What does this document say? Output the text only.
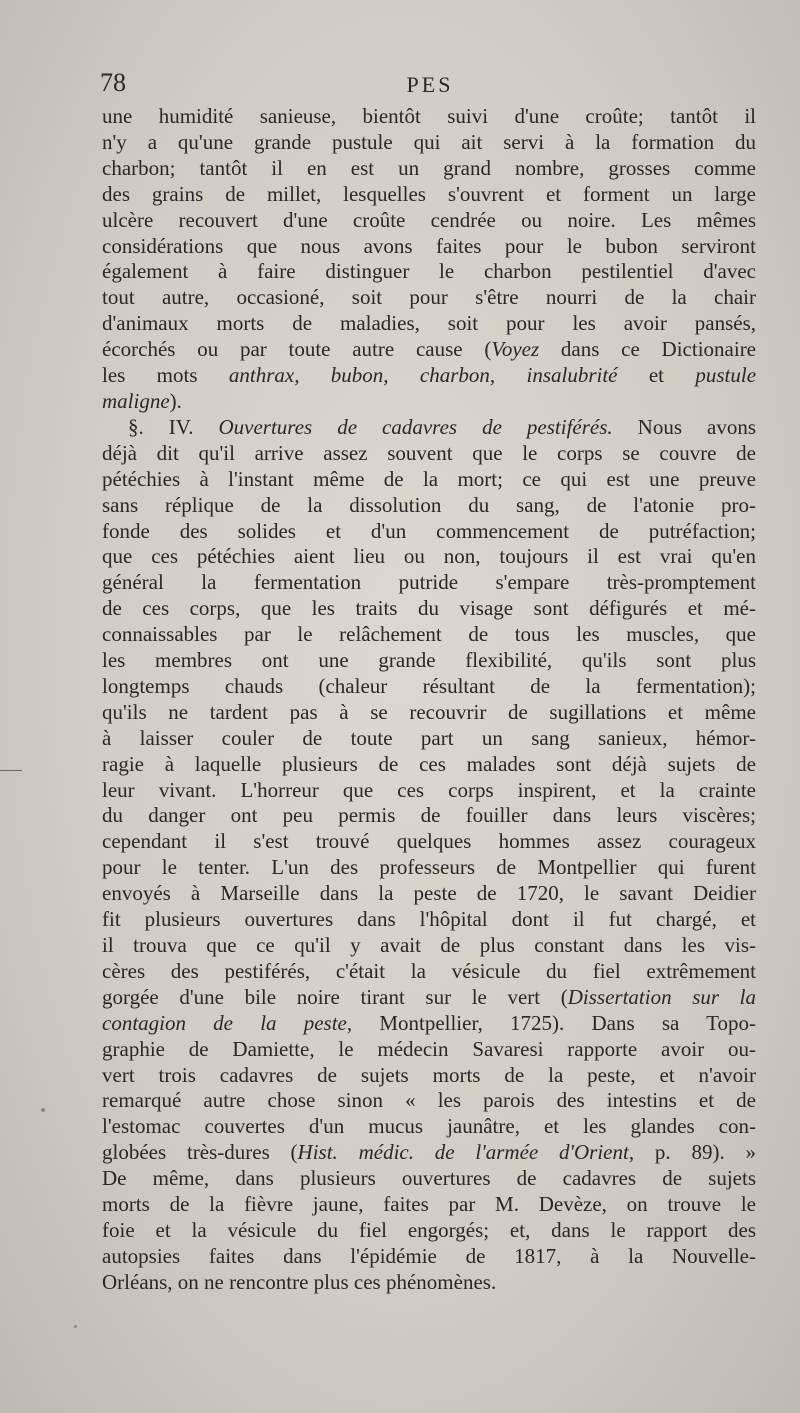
78	PES
une humidité sanieuse, bientôt suivi d'une croûte; tantôt il
n'y a qu'une grande pustule qui ait servi à la formation du
charbon; tantôt il en est un grand nombre, grosses comme
des grains de millet, lesquelles s'ouvrent et forment un large
ulcère recouvert d'une croûte cendrée ou noire. Les mêmes
considérations que nous avons faites pour le bubon serviront
également à faire distinguer le charbon pestilentiel d'avec
tout autre, occasioné, soit pour s'être nourri de la chair
d'animaux morts de maladies, soit pour les avoir pansés,
écorchés ou par toute autre cause (Voyez dans ce Dictionaire
les mots anthrax, bubon, charbon, insalubrité et pustule
maligne).
§. IV. Ouvertures de cadavres de pestiférés. Nous avons
déjà dit qu'il arrive assez souvent que le corps se couvre de
pétéchies à l'instant même de la mort; ce qui est une preuve
sans réplique de la dissolution du sang, de l'atonie pro-
fonde des solides et d'un commencement de putréfaction;
que ces pétéchies aient lieu ou non, toujours il est vrai qu'en
général la fermentation putride s'empare très-promptement
de ces corps, que les traits du visage sont défigurés et mé-
connaissables par le relâchement de tous les muscles, que
les membres ont une grande flexibilité, qu'ils sont plus
longtemps chauds (chaleur résultant de la fermentation);
qu'ils ne tardent pas à se recouvrir de sugillations et même
à laisser couler de toute part un sang sanieux, hémor-
ragie à laquelle plusieurs de ces malades sont déjà sujets de
leur vivant. L'horreur que ces corps inspirent, et la crainte
du danger ont peu permis de fouiller dans leurs viscères;
cependant il s'est trouvé quelques hommes assez courageux
pour le tenter. L'un des professeurs de Montpellier qui furent
envoyés à Marseille dans la peste de 1720, le savant Deidier
fit plusieurs ouvertures dans l'hôpital dont il fut chargé, et
il trouva que ce qu'il y avait de plus constant dans les vis-
cères des pestiférés, c'était la vésicule du fiel extrêmement
gorgée d'une bile noire tirant sur le vert (Dissertation sur la
contagion de la peste, Montpellier, 1725). Dans sa Topo-
graphie de Damiette, le médecin Savaresi rapporte avoir ou-
vert trois cadavres de sujets morts de la peste, et n'avoir
remarqué autre chose sinon « les parois des intestins et de
l'estomac couvertes d'un mucus jaunâtre, et les glandes con-
globées très-dures (Hist. médic. de l'armée d'Orient, p. 89). »
De même, dans plusieurs ouvertures de cadavres de sujets
morts de la fièvre jaune, faites par M. Devèze, on trouve le
foie et la vésicule du fiel engorgés; et, dans le rapport des
autopsies faites dans l'épidémie de 1817, à la Nouvelle-
Orléans, on ne rencontre plus ces phénomènes.
